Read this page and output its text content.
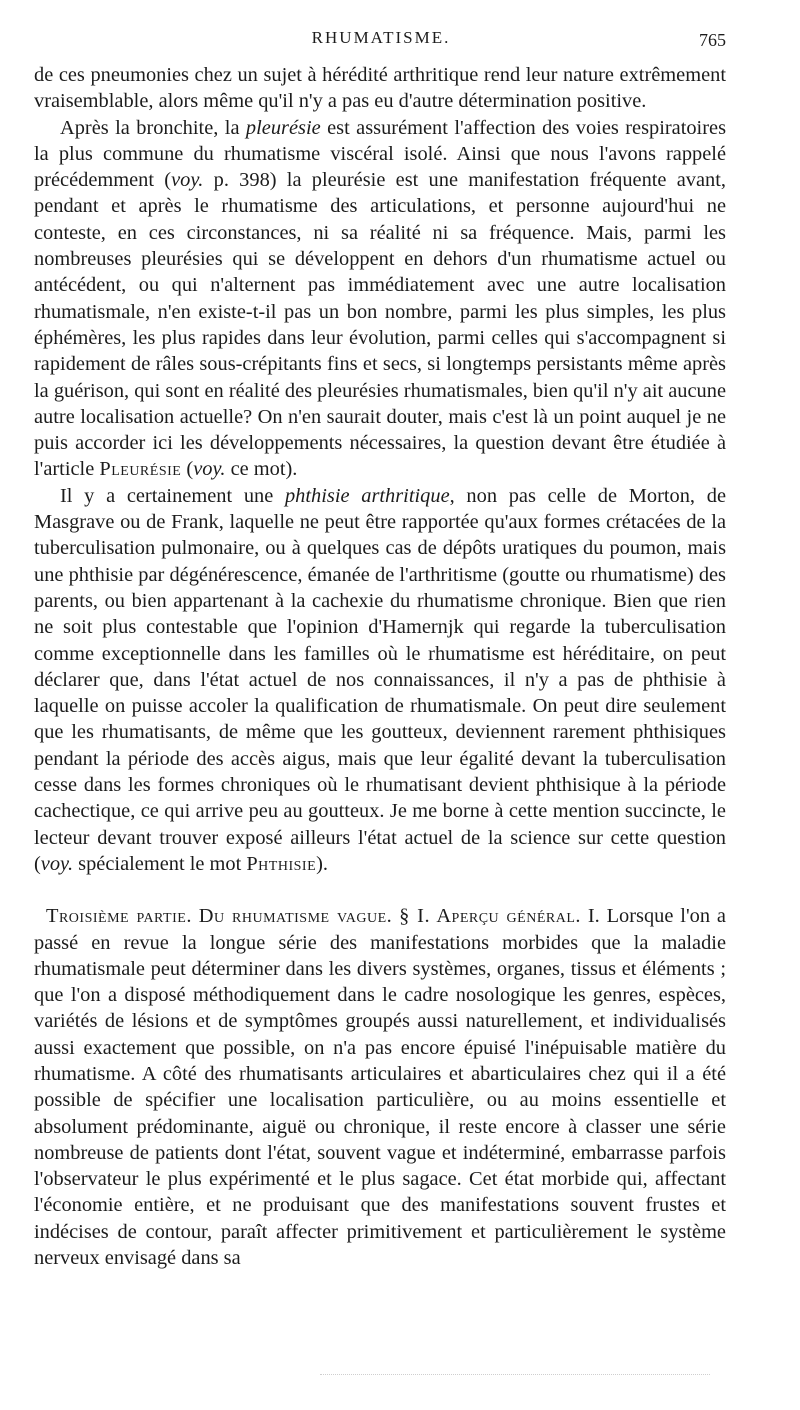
RHUMATISME.	765

de ces pneumonies chez un sujet à hérédité arthritique rend leur nature extrêmement vraisemblable, alors même qu'il n'y a pas eu d'autre détermination positive.

Après la bronchite, la pleurésie est assurément l'affection des voies respiratoires la plus commune du rhumatisme viscéral isolé. Ainsi que nous l'avons rappelé précédemment (voy. p. 398) la pleurésie est une manifestation fréquente avant, pendant et après le rhumatisme des articulations, et personne aujourd'hui ne conteste, en ces circonstances, ni sa réalité ni sa fréquence. Mais, parmi les nombreuses pleurésies qui se développent en dehors d'un rhumatisme actuel ou antécédent, ou qui n'alternent pas immédiatement avec une autre localisation rhumatismale, n'en existe-t-il pas un bon nombre, parmi les plus simples, les plus éphémères, les plus rapides dans leur évolution, parmi celles qui s'accompagnent si rapidement de râles sous-crépitants fins et secs, si longtemps persistants même après la guérison, qui sont en réalité des pleurésies rhumatismales, bien qu'il n'y ait aucune autre localisation actuelle? On n'en saurait douter, mais c'est là un point auquel je ne puis accorder ici les développements nécessaires, la question devant être étudiée à l'article Pleurésie (voy. ce mot).

Il y a certainement une phthisie arthritique, non pas celle de Morton, de Masgrave ou de Frank, laquelle ne peut être rapportée qu'aux formes crétacées de la tuberculisation pulmonaire, ou à quelques cas de dépôts uratiques du poumon, mais une phthisie par dégénérescence, émanée de l'arthritisme (goutte ou rhumatisme) des parents, ou bien appartenant à la cachexie du rhumatisme chronique. Bien que rien ne soit plus contestable que l'opinion d'Hamernjk qui regarde la tuberculisation comme exceptionnelle dans les familles où le rhumatisme est héréditaire, on peut déclarer que, dans l'état actuel de nos connaissances, il n'y a pas de phthisie à laquelle on puisse accoler la qualification de rhumatismale. On peut dire seulement que les rhumatisants, de même que les goutteux, deviennent rarement phthisiques pendant la période des accès aigus, mais que leur égalité devant la tuberculisation cesse dans les formes chroniques où le rhumatisant devient phthisique à la période cachectique, ce qui arrive peu au goutteux. Je me borne à cette mention succincte, le lecteur devant trouver exposé ailleurs l'état actuel de la science sur cette question (voy. spécialement le mot Phthisie).

Troisième partie. Du rhumatisme vague. § I. Aperçu général. I. Lorsque l'on a passé en revue la longue série des manifestations morbides que la maladie rhumatismale peut déterminer dans les divers systèmes, organes, tissus et éléments ; que l'on a disposé méthodiquement dans le cadre nosologique les genres, espèces, variétés de lésions et de symptômes groupés aussi naturellement, et individualisés aussi exactement que possible, on n'a pas encore épuisé l'inépuisable matière du rhumatisme. A côté des rhumatisants articulaires et abarticulaires chez qui il a été possible de spécifier une localisation particulière, ou au moins essentielle et absolument prédominante, aiguë ou chronique, il reste encore à classer une série nombreuse de patients dont l'état, souvent vague et indéterminé, embarrasse parfois l'observateur le plus expérimenté et le plus sagace. Cet état morbide qui, affectant l'économie entière, et ne produisant que des manifestations souvent frustes et indécises de contour, paraît affecter primitivement et particulièrement le système nerveux envisagé dans sa
